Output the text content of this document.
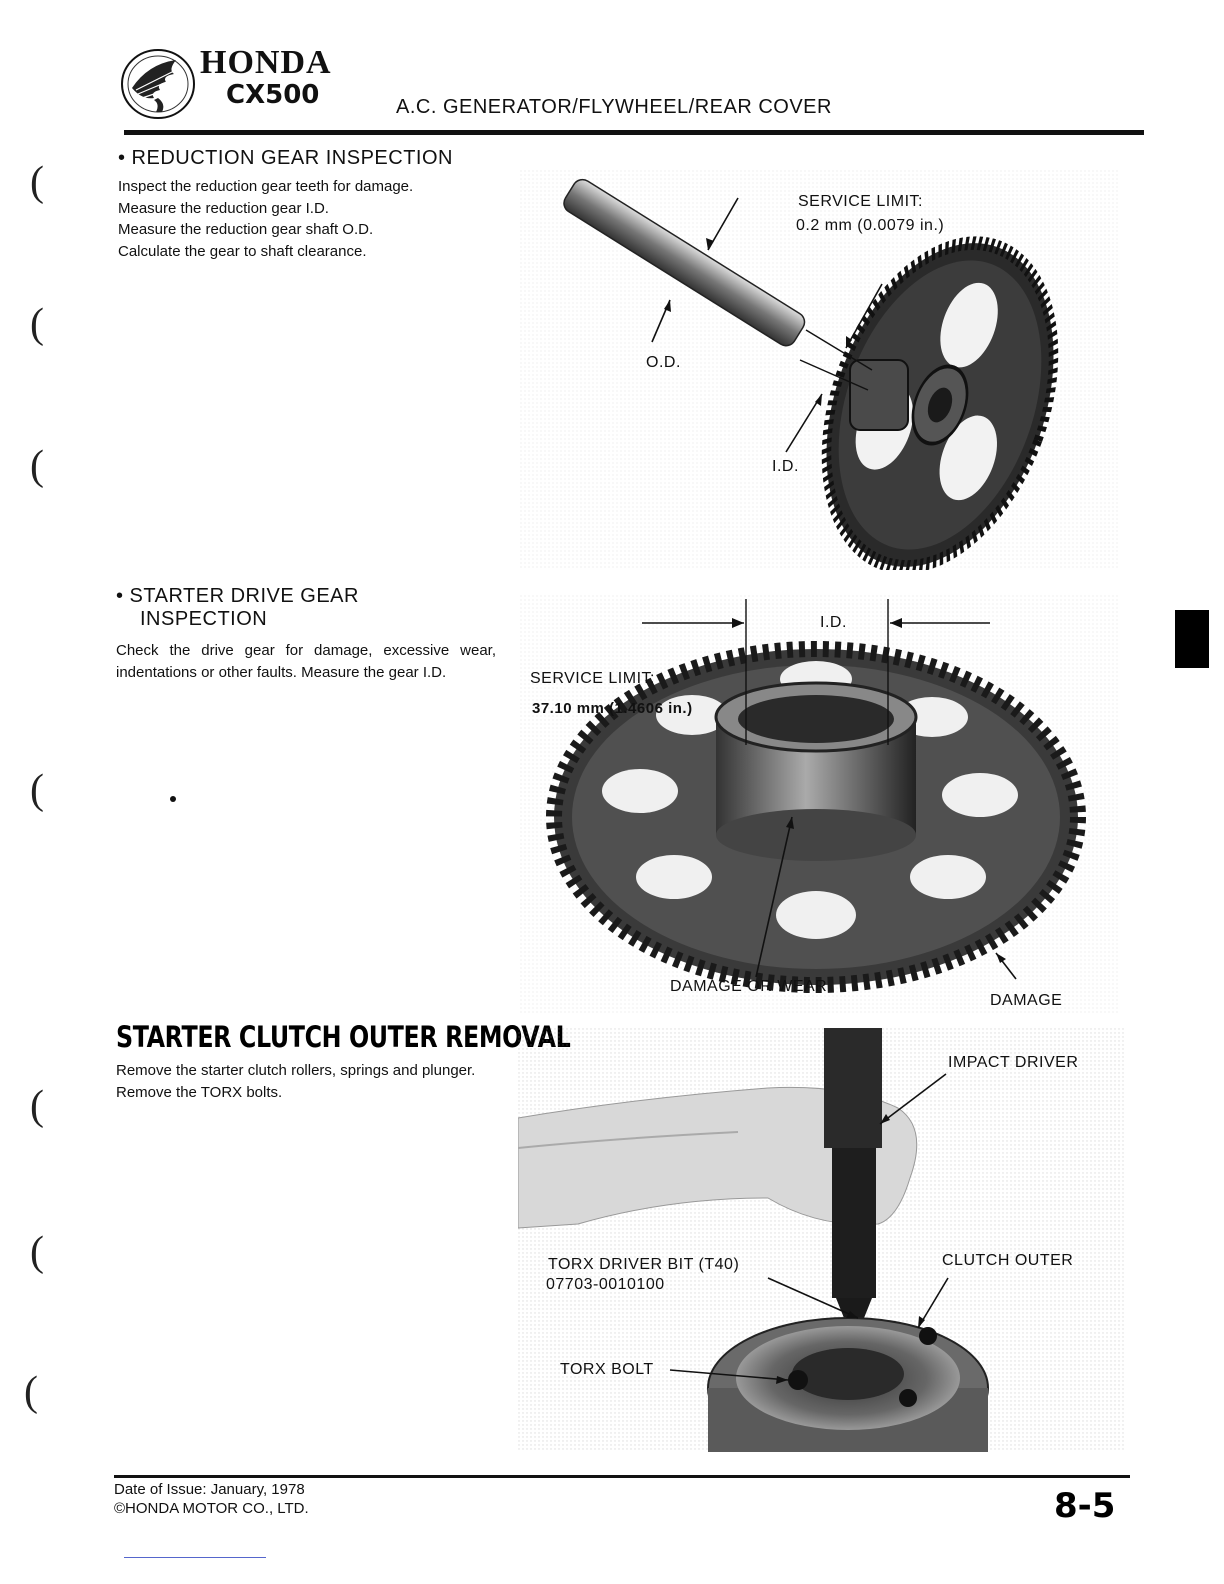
HONDA
CX500	A.C. GENERATOR/FLYWHEEL/REAR COVER
(
(
(
(
(
(
(
• REDUCTION GEAR INSPECTION
Inspect the reduction gear teeth for damage.
Measure the reduction gear I.D.
Measure the reduction gear shaft O.D.
Calculate the gear to shaft clearance.
SERVICE LIMIT:
0.2 mm (0.0079 in.)
O.D.
I.D.
• STARTER DRIVE GEAR
INSPECTION
Check the drive gear for damage, excessive wear, indentations or other faults. Measure the gear I.D.
I.D.
SERVICE LIMIT:
37.10 mm (1.4606 in.)
DAMAGE OR WEAR
DAMAGE
STARTER CLUTCH OUTER REMOVAL
Remove the starter clutch rollers, springs and plunger.
Remove the TORX bolts.
IMPACT DRIVER
TORX DRIVER BIT (T40)
07703-0010100
CLUTCH OUTER
TORX BOLT
Date of Issue: January, 1978
©HONDA MOTOR CO., LTD.	8-5
